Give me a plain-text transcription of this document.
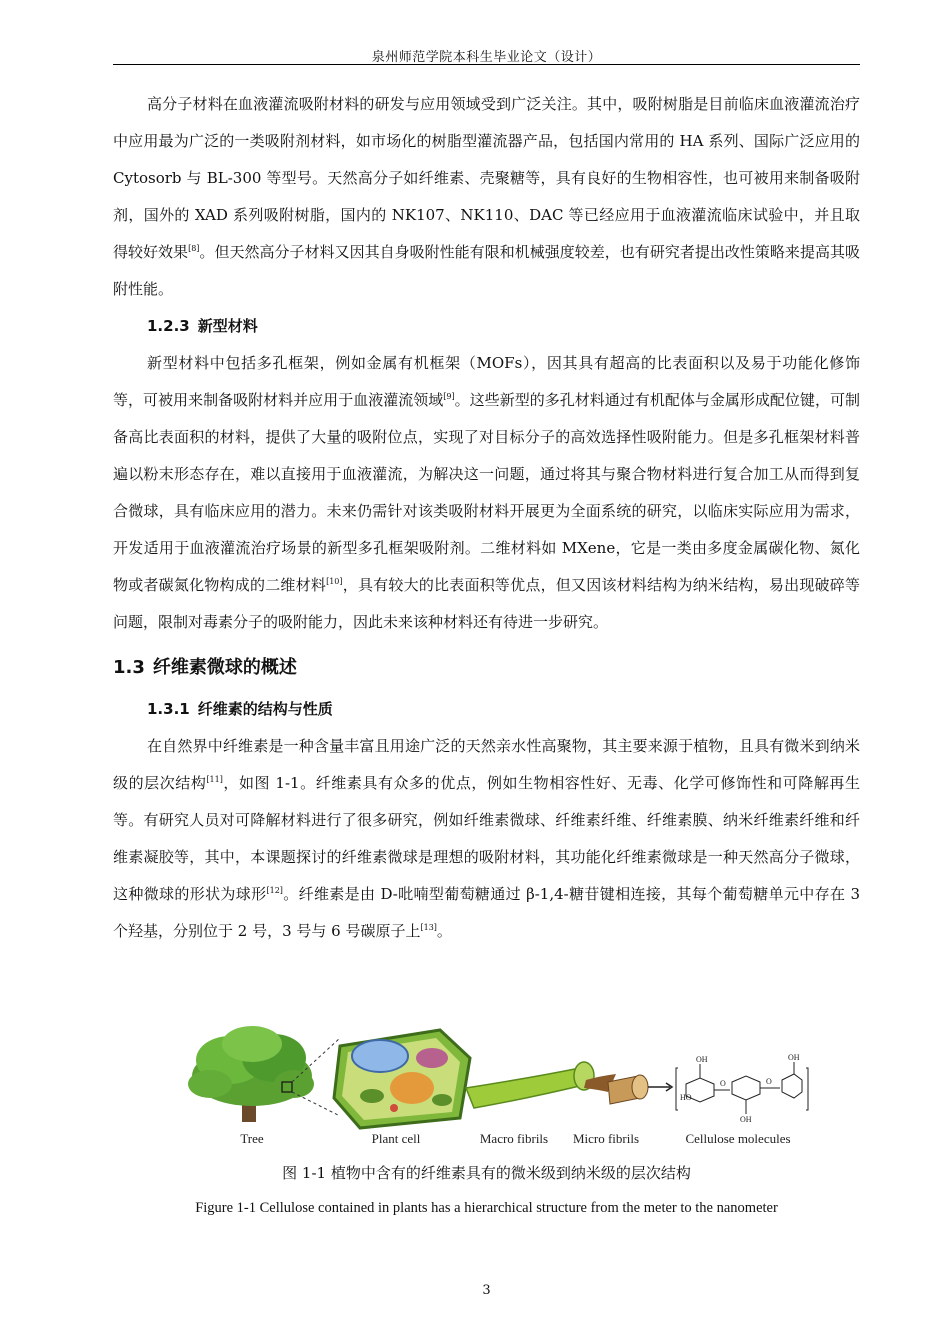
泉州师范学院本科生毕业论文（设计）

高分子材料在血液灌流吸附材料的研发与应用领域受到广泛关注。其中，吸附树脂是目前临床血液灌流治疗中应用最为广泛的一类吸附剂材料，如市场化的树脂型灌流器产品，包括国内常用的 HA 系列、国际广泛应用的 Cytosorb 与 BL-300 等型号。天然高分子如纤维素、壳聚糖等，具有良好的生物相容性，也可被用来制备吸附剂，国外的 XAD 系列吸附树脂，国内的 NK107、NK110、DAC 等已经应用于血液灌流临床试验中，并且取得较好效果[8]。但天然高分子材料又因其自身吸附性能有限和机械强度较差，也有研究者提出改性策略来提高其吸附性能。

1.2.3 新型材料

新型材料中包括多孔框架，例如金属有机框架（MOFs），因其具有超高的比表面积以及易于功能化修饰等，可被用来制备吸附材料并应用于血液灌流领域[9]。这些新型的多孔材料通过有机配体与金属形成配位键，可制备高比表面积的材料，提供了大量的吸附位点，实现了对目标分子的高效选择性吸附能力。但是多孔框架材料普遍以粉末形态存在，难以直接用于血液灌流，为解决这一问题，通过将其与聚合物材料进行复合加工从而得到复合微球，具有临床应用的潜力。未来仍需针对该类吸附材料开展更为全面系统的研究，以临床实际应用为需求，开发适用于血液灌流治疗场景的新型多孔框架吸附剂。二维材料如 MXene，它是一类由多度金属碳化物、氮化物或者碳氮化物构成的二维材料[10]，具有较大的比表面积等优点，但又因该材料结构为纳米结构，易出现破碎等问题，限制对毒素分子的吸附能力，因此未来该种材料还有待进一步研究。

1.3 纤维素微球的概述
1.3.1 纤维素的结构与性质

在自然界中纤维素是一种含量丰富且用途广泛的天然亲水性高聚物，其主要来源于植物，且具有微米到纳米级的层次结构[11]，如图 1-1。纤维素具有众多的优点，例如生物相容性好、无毒、化学可修饰性和可降解再生等。有研究人员对可降解材料进行了很多研究，例如纤维素微球、纤维素纤维、纤维素膜、纳米纤维素纤维和纤维素凝胶等，其中，本课题探讨的纤维素微球是理想的吸附材料，其功能化纤维素微球是一种天然高分子微球，这种微球的形状为球形[12]。纤维素是由 D-吡喃型葡萄糖通过 β-1,4-糖苷键相连接，其每个葡萄糖单元中存在 3 个羟基，分别位于 2 号，3 号与 6 号碳原子上[13]。

OH
HO
O
OH
O
OH
Tree	Plant cell	Macro fibrils Micro fibrils	Cellulose molecules
图 1-1 植物中含有的纤维素具有的微米级到纳米级的层次结构
Figure 1-1 Cellulose contained in plants has a hierarchical structure from the meter to the nanometer
3
